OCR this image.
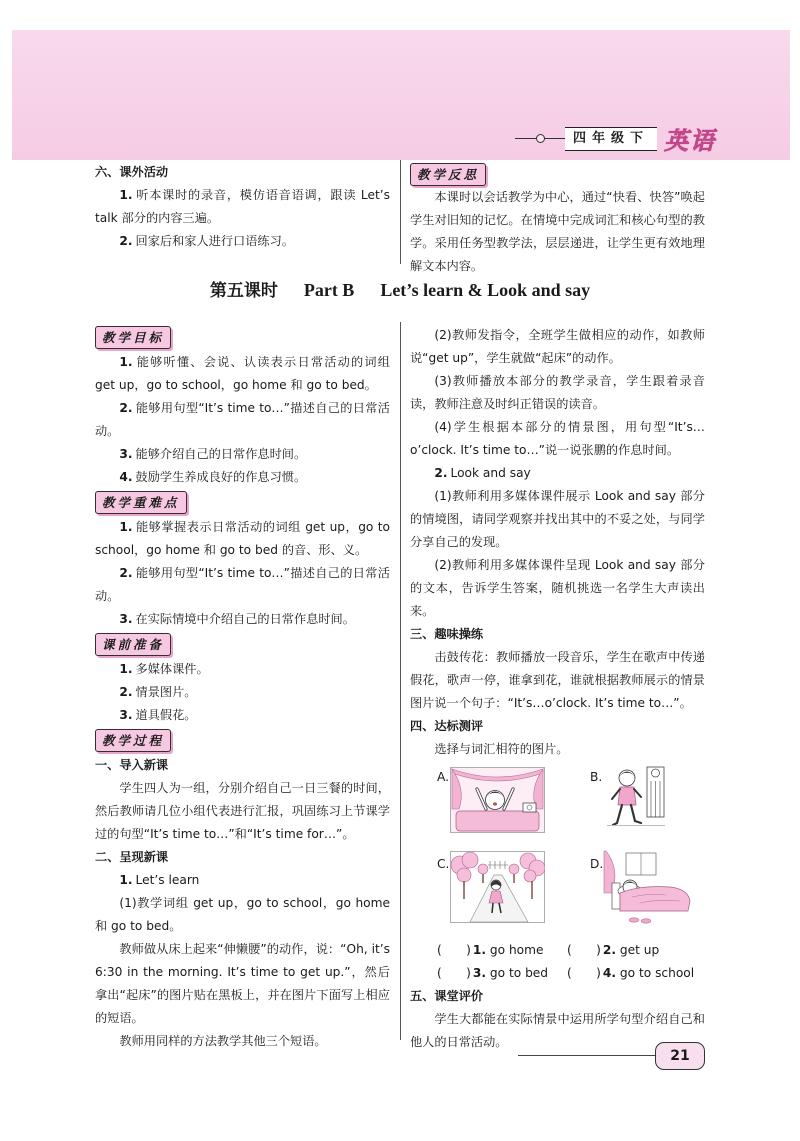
四年级下 英语

六、课外活动

1. 听本课时的录音，模仿语音语调，跟读 Let’s talk 部分的内容三遍。

2. 回家后和家人进行口语练习。

教学反思

本课时以会话教学为中心，通过“快看、快答”唤起学生对旧知的记忆。在情境中完成词汇和核心句型的教学。采用任务型教学法，层层递进，让学生更有效地理解文本内容。

第五课时 Part B Let’s learn & Look and say
教学目标

1. 能够听懂、会说、认读表示日常活动的词组 get up，go to school，go home 和 go to bed。

2. 能够用句型“It’s time to…”描述自己的日常活动。

3. 能够介绍自己的日常作息时间。

4. 鼓励学生养成良好的作息习惯。

教学重难点

1. 能够掌握表示日常活动的词组 get up，go to school，go home 和 go to bed 的音、形、义。

2. 能够用句型“It’s time to…”描述自己的日常活动。

3. 在实际情境中介绍自己的日常作息时间。

课前准备

1. 多媒体课件。

2. 情景图片。

3. 道具假花。

教学过程

一、导入新课

学生四人为一组，分别介绍自己一日三餐的时间，然后教师请几位小组代表进行汇报，巩固练习上节课学过的句型“It’s time to…”和“It’s time for…”。

二、呈现新课

1. Let’s learn

(1)教学词组 get up，go to school，go home 和 go to bed。

教师做从床上起来“伸懒腰”的动作，说：“Oh, it’s 6:30 in the morning. It’s time to get up.”，然后拿出“起床”的图片贴在黑板上，并在图片下面写上相应的短语。

教师用同样的方法教学其他三个短语。

(2)教师发指令，全班学生做相应的动作，如教师说“get up”，学生就做“起床”的动作。

(3)教师播放本部分的教学录音，学生跟着录音读，教师注意及时纠正错误的读音。

(4)学生根据本部分的情景图，用句型“It’s…o’clock. It’s time to…”说一说张鹏的作息时间。

2. Look and say

(1)教师利用多媒体课件展示 Look and say 部分的情境图，请同学观察并找出其中的不妥之处，与同学分享自己的发现。

(2)教师利用多媒体课件呈现 Look and say 部分的文本，告诉学生答案，随机挑选一名学生大声读出来。

三、趣味操练

击鼓传花：教师播放一段音乐，学生在歌声中传递假花，歌声一停，谁拿到花，谁就根据教师展示的情景图片说一个句子：“It’s…o’clock. It’s time to…”。

四、达标测评

选择与词汇相符的图片。

A.	B.
C.	D.
(　　) 1. go home	(　　) 2. get up
(　　) 3. go to bed	(　　) 4. go to school

五、课堂评价

学生大都能在实际情景中运用所学句型介绍自己和他人的日常活动。

21
